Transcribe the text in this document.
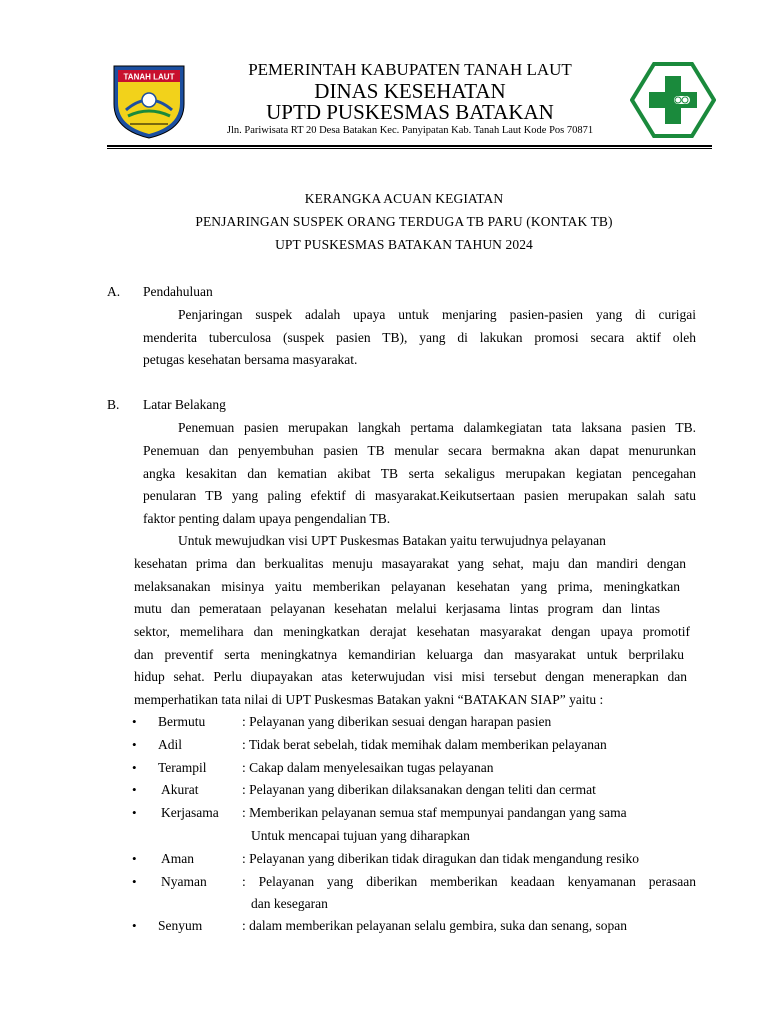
TANAH LAUT	PEMERINTAH KABUPATEN TANAH LAUT
DINAS KESEHATAN
UPTD PUSKESMAS BATAKAN
Jln. Pariwisata RT 20 Desa Batakan Kec. Panyipatan Kab. Tanah Laut Kode Pos 70871
KERANGKA ACUAN KEGIATAN
PENJARINGAN SUSPEK ORANG TERDUGA TB PARU (KONTAK TB)
UPT PUSKESMAS BATAKAN TAHUN 2024
A. Pendahuluan
Penjaringan suspek adalah upaya untuk menjaring pasien-pasien yang di curigai
menderita tuberculosa (suspek pasien TB), yang di lakukan promosi secara aktif oleh
petugas kesehatan bersama masyarakat.
B. Latar Belakang
Penemuan pasien merupakan langkah pertama dalamkegiatan tata laksana pasien TB.
Penemuan dan penyembuhan pasien TB menular secara bermakna akan dapat menurunkan
angka kesakitan dan kematian akibat TB serta sekaligus merupakan kegiatan pencegahan
penularan TB yang paling efektif di masyarakat.Keikutsertaan pasien merupakan salah satu
faktor penting dalam upaya pengendalian TB.
Untuk mewujudkan visi UPT Puskesmas Batakan yaitu terwujudnya pelayanan
kesehatan prima dan berkualitas menuju masayarakat yang sehat, maju dan mandiri dengan
melaksanakan misinya yaitu memberikan pelayanan kesehatan yang prima, meningkatkan
mutu dan pemerataan pelayanan kesehatan melalui kerjasama lintas program dan lintas
sektor, memelihara dan meningkatkan derajat kesehatan masyarakat dengan upaya promotif
dan preventif serta meningkatnya kemandirian keluarga dan masyarakat untuk berprilaku
hidup sehat. Perlu diupayakan atas keterwujudan visi misi tersebut dengan menerapkan dan
memperhatikan tata nilai di UPT Puskesmas Batakan yakni “BATAKAN SIAP” yaitu :
• Bermutu	: Pelayanan yang diberikan sesuai dengan harapan pasien
• Adil	: Tidak berat sebelah, tidak memihak dalam memberikan pelayanan
• Terampil	: Cakap dalam menyelesaikan tugas pelayanan
• Akurat	: Pelayanan yang diberikan dilaksanakan dengan teliti dan cermat
• Kerjasama : Memberikan pelayanan semua staf mempunyai pandangan yang sama
Untuk mencapai tujuan yang diharapkan
• Aman	: Pelayanan yang diberikan tidak diragukan dan tidak mengandung resiko
• Nyaman	: Pelayanan yang diberikan memberikan keadaan kenyamanan perasaan
dan kesegaran
• Senyum	: dalam memberikan pelayanan selalu gembira, suka dan senang, sopan
